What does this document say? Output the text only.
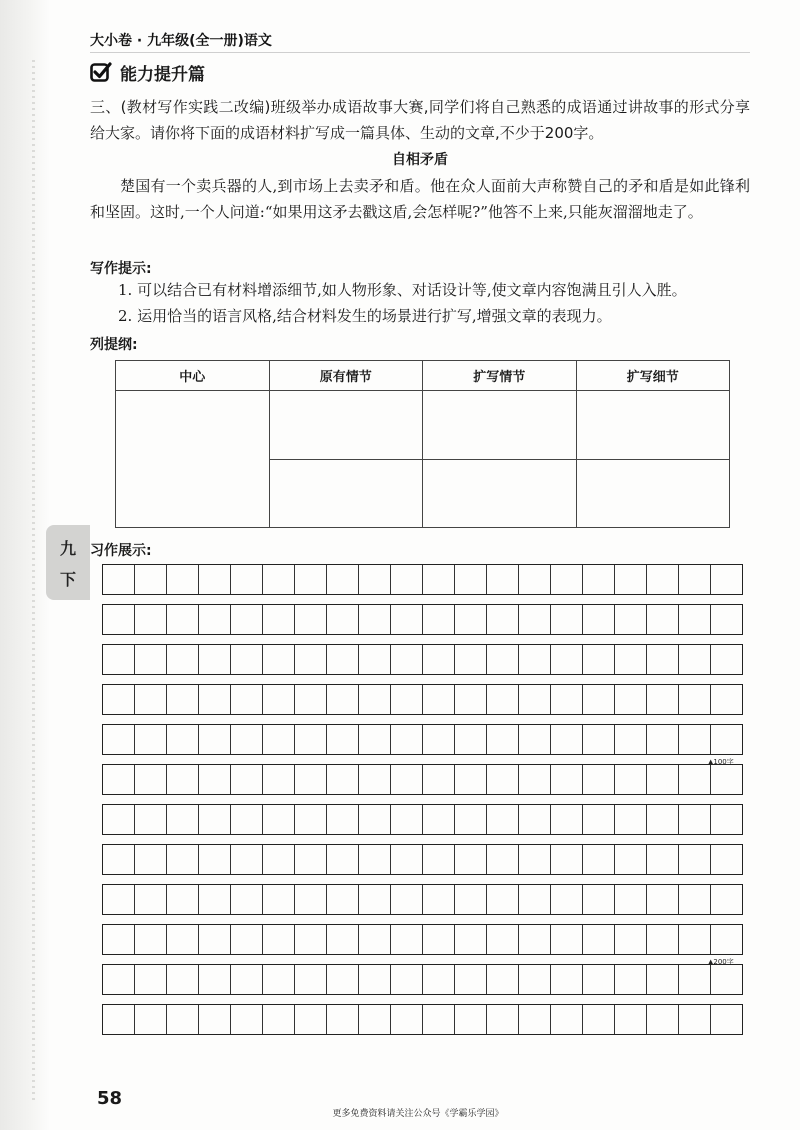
大小卷 · 九年级(全一册)语文
能力提升篇
三、(教材写作实践二改编)班级举办成语故事大赛,同学们将自己熟悉的成语通过讲故事的形式分享给大家。请你将下面的成语材料扩写成一篇具体、生动的文章,不少于200字。
自相矛盾
楚国有一个卖兵器的人,到市场上去卖矛和盾。他在众人面前大声称赞自己的矛和盾是如此锋利和坚固。这时,一个人问道:“如果用这矛去戳这盾,会怎样呢?”他答不上来,只能灰溜溜地走了。
写作提示:
1. 可以结合已有材料增添细节,如人物形象、对话设计等,使文章内容饱满且引人入胜。
2. 运用恰当的语言风格,结合材料发生的场景进行扩写,增强文章的表现力。
列提纲:
中心	原有情节	扩写情节	扩写细节

九
下
习作展示:
▲100字
▲200字
58
更多免费资料请关注公众号《学霸乐学园》
